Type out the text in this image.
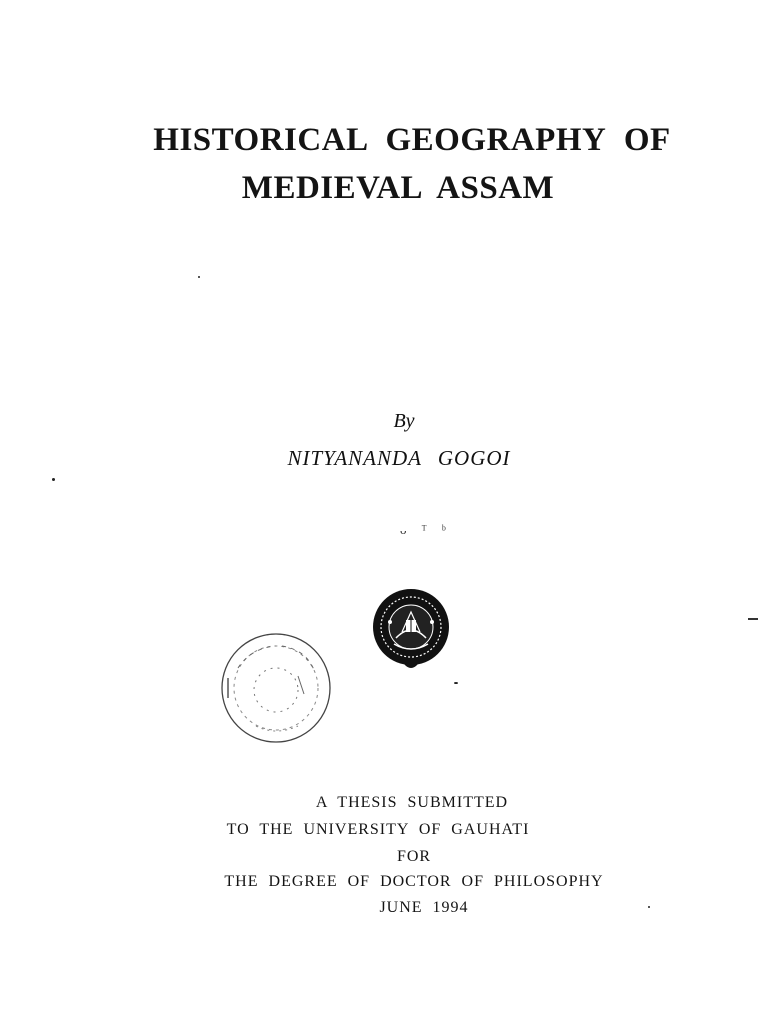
HISTORICAL GEOGRAPHY OF
MEDIEVAL ASSAM
By
NITYANANDA GOGOI
ᴗ ᵀ ᵇ
A THESIS SUBMITTED
TO THE UNIVERSITY OF GAUHATI
FOR
THE DEGREE OF DOCTOR OF PHILOSOPHY
JUNE 1994
